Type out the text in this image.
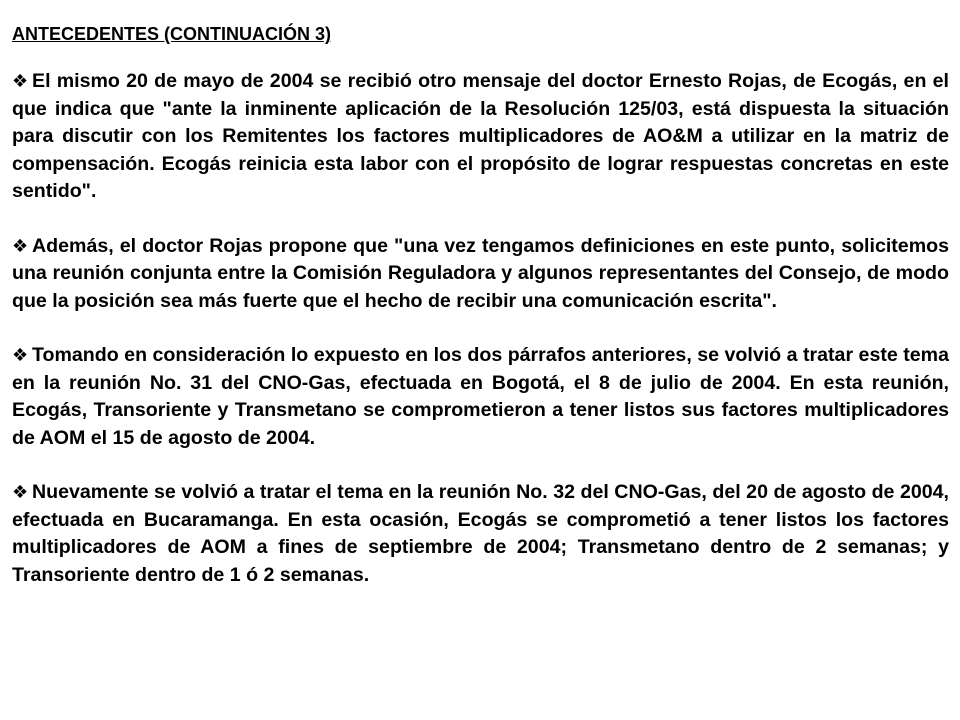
ANTECEDENTES (CONTINUACIÓN 3)

❖ El mismo 20 de mayo de 2004 se recibió otro mensaje del doctor Ernesto Rojas, de Ecogás, en el que indica que "ante la inminente aplicación de la Resolución 125/03, está dispuesta la situación para discutir con los Remitentes los factores multiplicadores de AO&M a utilizar en la matriz de compensación. Ecogás reinicia esta labor con el propósito de lograr respuestas concretas en este sentido".

❖ Además, el doctor Rojas propone que "una vez tengamos definiciones en este punto, solicitemos una reunión conjunta entre la Comisión Reguladora y algunos representantes del Consejo, de modo que la posición sea más fuerte que el hecho de recibir una comunicación escrita".

❖ Tomando en consideración lo expuesto en los dos párrafos anteriores, se volvió a tratar este tema en la reunión No. 31 del CNO-Gas, efectuada en Bogotá, el 8 de julio de 2004. En esta reunión, Ecogás, Transoriente y Transmetano se comprometieron a tener listos sus factores multiplicadores de AOM el 15 de agosto de 2004.

❖ Nuevamente se volvió a tratar el tema en la reunión No. 32 del CNO-Gas, del 20 de agosto de 2004, efectuada en Bucaramanga. En esta ocasión, Ecogás se comprometió a tener listos los factores multiplicadores de AOM a fines de septiembre de 2004; Transmetano dentro de 2 semanas; y Transoriente dentro de 1 ó 2 semanas.
